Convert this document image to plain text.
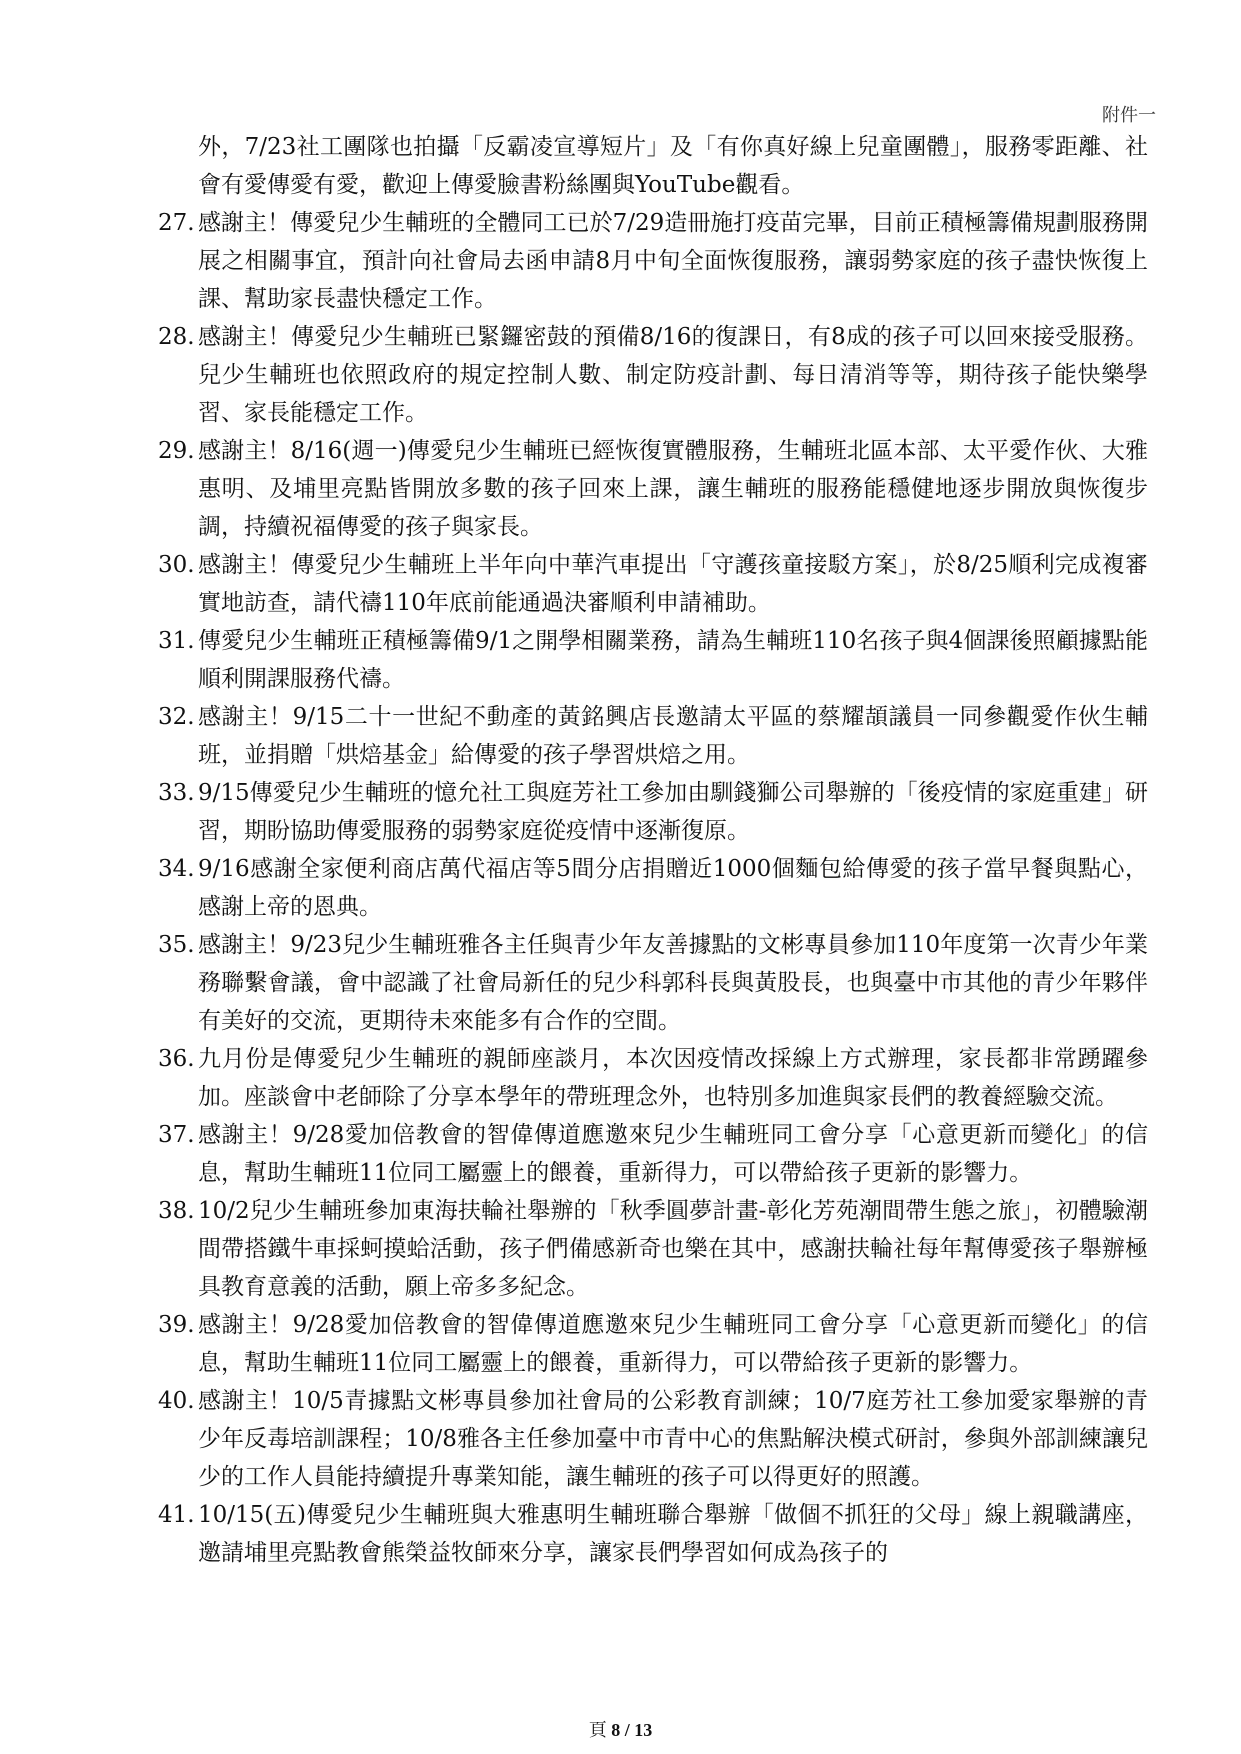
附件一
外，7/23社工團隊也拍攝「反霸凌宣導短片」及「有你真好線上兒童團體」，服務零距離、社會有愛傳愛有愛，歡迎上傳愛臉書粉絲團與YouTube觀看。
27. 感謝主！傳愛兒少生輔班的全體同工已於7/29造冊施打疫苗完畢，目前正積極籌備規劃服務開展之相關事宜，預計向社會局去函申請8月中旬全面恢復服務，讓弱勢家庭的孩子盡快恢復上課、幫助家長盡快穩定工作。
28. 感謝主！傳愛兒少生輔班已緊鑼密鼓的預備8/16的復課日，有8成的孩子可以回來接受服務。兒少生輔班也依照政府的規定控制人數、制定防疫計劃、每日清消等等，期待孩子能快樂學習、家長能穩定工作。
29. 感謝主！8/16(週一)傳愛兒少生輔班已經恢復實體服務，生輔班北區本部、太平愛作伙、大雅惠明、及埔里亮點皆開放多數的孩子回來上課，讓生輔班的服務能穩健地逐步開放與恢復步調，持續祝福傳愛的孩子與家長。
30. 感謝主！傳愛兒少生輔班上半年向中華汽車提出「守護孩童接駁方案」，於8/25順利完成複審實地訪查，請代禱110年底前能通過決審順利申請補助。
31. 傳愛兒少生輔班正積極籌備9/1之開學相關業務，請為生輔班110名孩子與4個課後照顧據點能順利開課服務代禱。
32. 感謝主！9/15二十一世紀不動產的黃銘興店長邀請太平區的蔡耀頡議員一同參觀愛作伙生輔班，並捐贈「烘焙基金」給傳愛的孩子學習烘焙之用。
33. 9/15傳愛兒少生輔班的憶允社工與庭芳社工參加由馴錢獅公司舉辦的「後疫情的家庭重建」研習，期盼協助傳愛服務的弱勢家庭從疫情中逐漸復原。
34. 9/16感謝全家便利商店萬代福店等5間分店捐贈近1000個麵包給傳愛的孩子當早餐與點心，感謝上帝的恩典。
35. 感謝主！9/23兒少生輔班雅各主任與青少年友善據點的文彬專員參加110年度第一次青少年業務聯繫會議，會中認識了社會局新任的兒少科郭科長與黃股長，也與臺中市其他的青少年夥伴有美好的交流，更期待未來能多有合作的空間。
36. 九月份是傳愛兒少生輔班的親師座談月，本次因疫情改採線上方式辦理，家長都非常踴躍參加。座談會中老師除了分享本學年的帶班理念外，也特別多加進與家長們的教養經驗交流。
37. 感謝主！9/28愛加倍教會的智偉傳道應邀來兒少生輔班同工會分享「心意更新而變化」的信息，幫助生輔班11位同工屬靈上的餵養，重新得力，可以帶給孩子更新的影響力。
38. 10/2兒少生輔班參加東海扶輪社舉辦的「秋季圓夢計畫-彰化芳苑潮間帶生態之旅」，初體驗潮間帶搭鐵牛車採蚵摸蛤活動，孩子們備感新奇也樂在其中，感謝扶輪社每年幫傳愛孩子舉辦極具教育意義的活動，願上帝多多紀念。
39. 感謝主！9/28愛加倍教會的智偉傳道應邀來兒少生輔班同工會分享「心意更新而變化」的信息，幫助生輔班11位同工屬靈上的餵養，重新得力，可以帶給孩子更新的影響力。
40. 感謝主！10/5青據點文彬專員參加社會局的公彩教育訓練；10/7庭芳社工參加愛家舉辦的青少年反毒培訓課程；10/8雅各主任參加臺中市青中心的焦點解決模式研討，參與外部訓練讓兒少的工作人員能持續提升專業知能，讓生輔班的孩子可以得更好的照護。
41. 10/15(五)傳愛兒少生輔班與大雅惠明生輔班聯合舉辦「做個不抓狂的父母」線上親職講座，邀請埔里亮點教會熊榮益牧師來分享，讓家長們學習如何成為孩子的
頁 8 / 13
